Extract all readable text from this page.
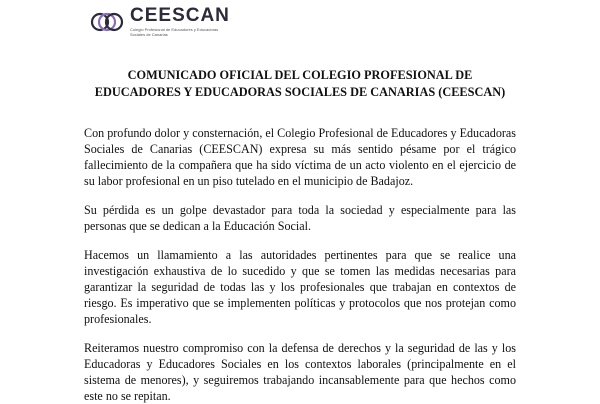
CEESCAN
Colegio Profesional de Educadores y Educadoras
Sociales de Canarias
COMUNICADO OFICIAL DEL COLEGIO PROFESIONAL DE
EDUCADORES Y EDUCADORAS SOCIALES DE CANARIAS (CEESCAN)

Con profundo dolor y consternación, el Colegio Profesional de Educadores y Educadoras Sociales de Canarias (CEESCAN) expresa su más sentido pésame por el trágico fallecimiento de la compañera que ha sido víctima de un acto violento en el ejercicio de su labor profesional en un piso tutelado en el municipio de Badajoz.

Su pérdida es un golpe devastador para toda la sociedad y especialmente para las personas que se dedican a la Educación Social.

Hacemos un llamamiento a las autoridades pertinentes para que se realice una investigación exhaustiva de lo sucedido y que se tomen las medidas necesarias para garantizar la seguridad de todas las y los profesionales que trabajan en contextos de riesgo. Es imperativo que se implementen políticas y protocolos que nos protejan como profesionales.

Reiteramos nuestro compromiso con la defensa de derechos y la seguridad de las y los Educadoras y Educadores Sociales en los contextos laborales (principalmente en el sistema de menores), y seguiremos trabajando incansablemente para que hechos como este no se repitan.
